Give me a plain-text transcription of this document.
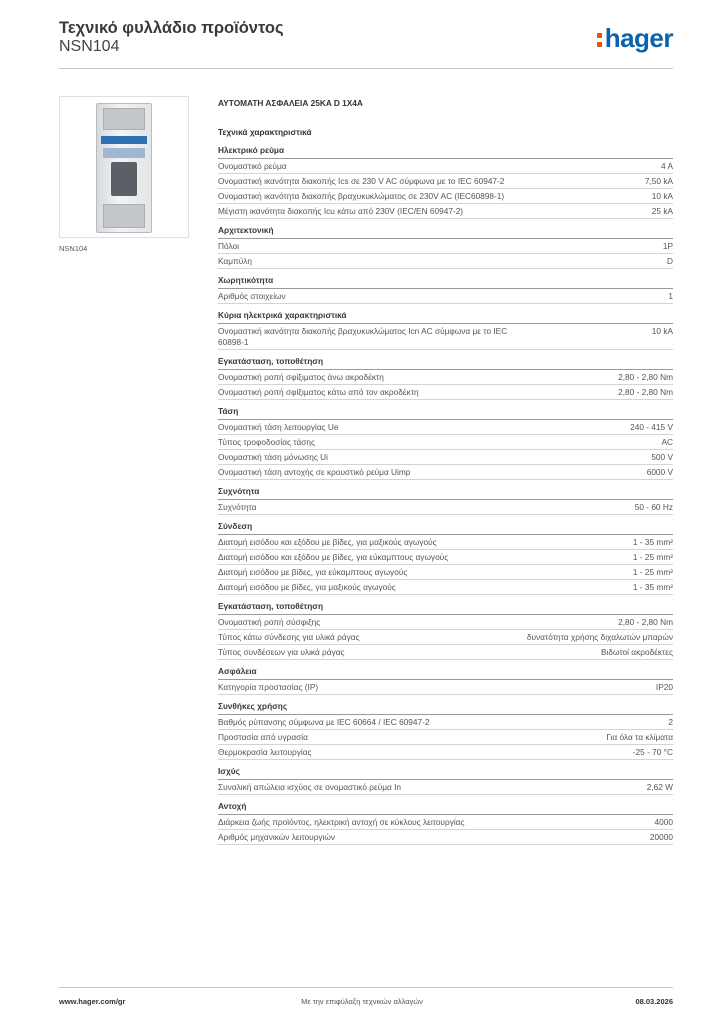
Τεχνικό φυλλάδιο προϊόντος
NSN104	hager
NSN104
ΑΥΤΟΜΑΤΗ ΑΣΦΑΛΕΙΑ 25KA D 1X4A
Τεχνικά χαρακτηριστικά
Ηλεκτρικό ρεύμα
Ονομαστικό ρεύμα	4 A
Ονομαστική ικανότητα διακοπής Ics σε 230 V AC σύμφωνα με το IEC 60947-2	7,50 kA
Ονομαστική ικανότητα διακοπής βραχυκυκλώματος σε 230V AC (IEC60898-1)	10 kA
Μέγιστη ικανότητα διακοπής Icu κάτω από 230V (IEC/EN 60947-2)	25 kA
Αρχιτεκτονική
Πόλοι	1P
Καμπύλη	D
Χωρητικότητα
Αριθμός στοιχείων	1
Κύρια ηλεκτρικά χαρακτηριστικά
Ονομαστική ικανότητα διακοπής βραχυκυκλώματος Icn AC σύμφωνα με το IEC 60898-1
10 kA
Εγκατάσταση, τοποθέτηση
Ονομαστική ροπή σφίξιματος άνω ακροδέκτη	2,80 - 2,80 Nm
Ονομαστική ροπή σφίξιματος κάτω από τον ακροδέκτη	2,80 - 2,80 Nm
Τάση
Ονομαστική τάση λειτουργίας Ue	240 - 415 V
Τύπος τροφοδοσίας τάσης	AC
Ονομαστική τάση μόνωσης Ui	500 V
Ονομαστική τάση αντοχής σε κρουστικό ρεύμα Uimp	6000 V
Συχνότητα
Συχνότητα	50 - 60 Hz
Σύνδεση
Διατομή εισόδου και εξόδου με βίδες, για μαξικούς αγωγούς	1 - 35 mm²
Διατομή εισόδου και εξόδου με βίδες, για εύκαμπτους αγωγούς	1 - 25 mm²
Διατομή εισόδου με βίδες, για εύκαμπτους αγωγούς	1 - 25 mm²
Διατομή εισόδου με βίδες, για μαξικούς αγωγούς	1 - 35 mm²
Εγκατάσταση, τοποθέτηση
Ονομαστική ροπή σύσφιξης	2,80 - 2,80 Nm
Τύπος κάτω σύνδεσης για υλικά ράγας	δυνατότητα χρήσης διχαλωτών μπαρών
Τύπος συνδέσεων για υλικά ράγας	Βιδωτοί ακροδέκτες
Ασφάλεια
Κατηγορία προστασίας (IP)	IP20
Συνθήκες χρήσης
Βαθμός ρύπανσης σύμφωνα με IEC 60664 / IEC 60947-2	2
Προστασία από υγρασία	Για όλα τα κλίματα
Θερμοκρασία λειτουργίας	-25 - 70 °C
Ισχύς
Συναλική απώλεια ισχύος σε ονομαστικό ρεύμα In	2,62 W
Αντοχή
Διάρκεια ζωής προϊόντος, ηλεκτρική αντοχή σε κύκλους λειτουργίας	4000
Αριθμός μηχανικών λειτουργιών	20000
www.hager.com/gr	Με την επιφύλαξη τεχνικών αλλαγών	08.03.2026
